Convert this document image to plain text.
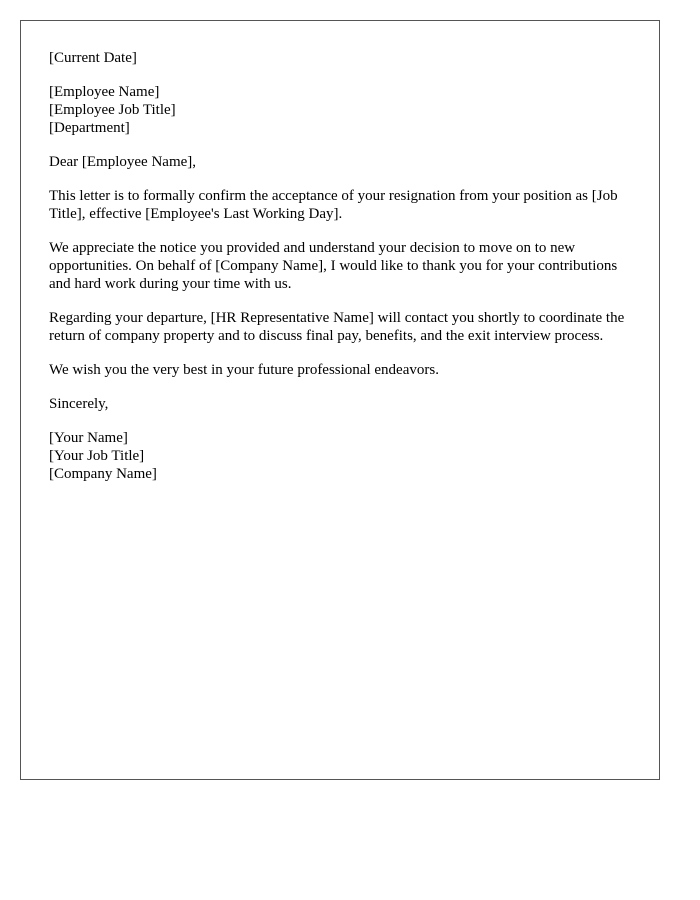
[Current Date]
[Employee Name]
[Employee Job Title]
[Department]

Dear [Employee Name],

This letter is to formally confirm the acceptance of your resignation from your position as [Job Title], effective [Employee's Last Working Day].

We appreciate the notice you provided and understand your decision to move on to new opportunities. On behalf of [Company Name], I would like to thank you for your contributions and hard work during your time with us.

Regarding your departure, [HR Representative Name] will contact you shortly to coordinate the return of company property and to discuss final pay, benefits, and the exit interview process.

We wish you the very best in your future professional endeavors.

Sincerely,

[Your Name]
[Your Job Title]
[Company Name]
